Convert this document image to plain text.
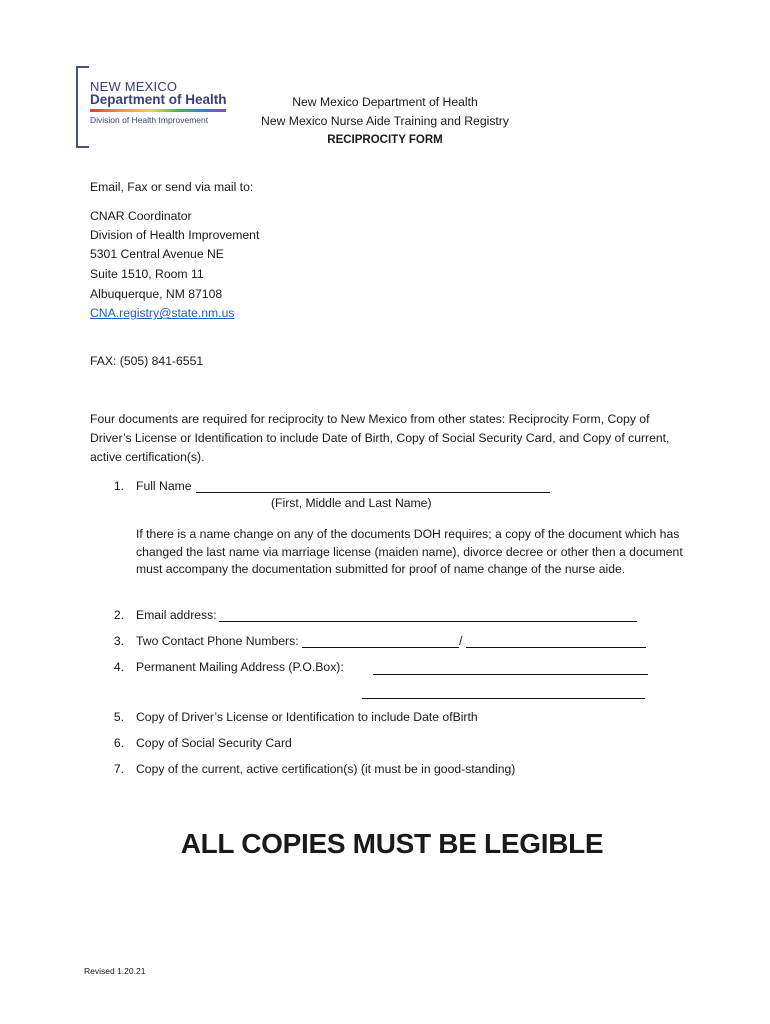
NEW MEXICO
Department of Health
Division of Health Improvement
New Mexico Department of Health
New Mexico Nurse Aide Training and Registry
RECIPROCITY FORM
Email, Fax or send via mail to:
CNAR Coordinator
Division of Health Improvement
5301 Central Avenue NE
Suite 1510, Room 11
Albuquerque, NM 87108
CNA.registry@state.nm.us
FAX: (505) 841-6551
Four documents are required for reciprocity to New Mexico from other states: Reciprocity Form, Copy of Driver’s License or Identification to include Date of Birth, Copy of Social Security Card, and Copy of current, active certification(s).
1. Full Name
(First, Middle and Last Name)
If there is a name change on any of the documents DOH requires; a copy of the document which has changed the last name via marriage license (maiden name), divorce decree or other then a document must accompany the documentation submitted for proof of name change of the nurse aide.
2. Email address:
3. Two Contact Phone Numbers:	/
4. Permanent Mailing Address (P.O.Box):
5. Copy of Driver’s License or Identification to include Date ofBirth
6. Copy of Social Security Card
7. Copy of the current, active certification(s) (it must be in good-standing)
ALL COPIES MUST BE LEGIBLE
Revised 1.20.21
